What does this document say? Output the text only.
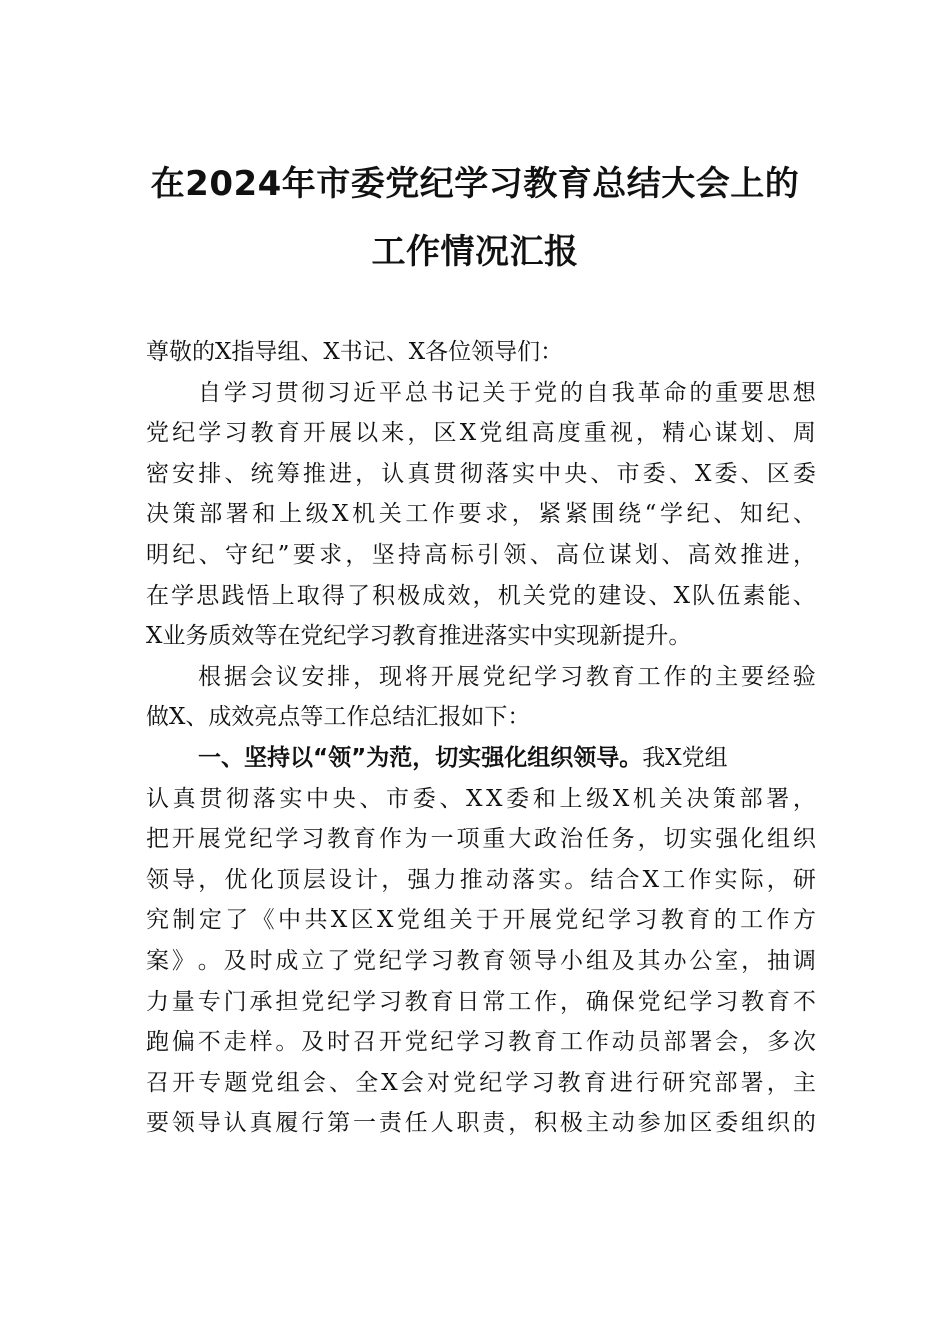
在2024年市委党纪学习教育总结大会上的
工作情况汇报
尊敬的X指导组、X书记、X各位领导们：
自 学 习 贯 彻 习 近 平 总 书 记 关 于 党 的 自 我 革 命 的 重 要 思 想
党 纪 学 习 教 育 开 展 以 来 ， 区 X 党 组 高 度 重 视 ， 精 心 谋 划 、 周
密 安 排 、 统 筹 推 进 ， 认 真 贯 彻 落 实 中 央 、 市 委 、 X 委 、 区 委
决 策 部 署 和 上 级 X 机 关 工 作 要 求 ， 紧 紧 围 绕 “ 学 纪 、 知 纪 、
明 纪 、 守 纪 ” 要 求 ， 坚 持 高 标 引 领 、 高 位 谋 划 、 高 效 推 进 ，
在 学 思 践 悟 上 取 得 了 积 极 成 效 ， 机 关 党 的 建 设 、 X 队 伍 素 能 、
X业务质效等在党纪学习教育推进落实中实现新提升。
根 据 会 议 安 排 ， 现 将 开 展 党 纪 学 习 教 育 工 作 的 主 要 经 验
做X、成效亮点等工作总结汇报如下：
一、坚持以“领”为范，切实强化组织领导。 我X党组
认 真 贯 彻 落 实 中 央 、 市 委 、 X X 委 和 上 级 X 机 关 决 策 部 署 ，
把 开 展 党 纪 学 习 教 育 作 为 一 项 重 大 政 治 任 务 ， 切 实 强 化 组 织
领 导 ， 优 化 顶 层 设 计 ， 强 力 推 动 落 实 。 结 合 X 工 作 实 际 ， 研
究 制 定 了 《 中 共 X 区 X 党 组 关 于 开 展 党 纪 学 习 教 育 的 工 作 方
案 》 。 及 时 成 立 了 党 纪 学 习 教 育 领 导 小 组 及 其 办 公 室 ， 抽 调
力 量 专 门 承 担 党 纪 学 习 教 育 日 常 工 作 ， 确 保 党 纪 学 习 教 育 不
跑 偏 不 走 样 。 及 时 召 开 党 纪 学 习 教 育 工 作 动 员 部 署 会 ， 多 次
召 开 专 题 党 组 会 、 全 X 会 对 党 纪 学 习 教 育 进 行 研 究 部 署 ， 主
要 领 导 认 真 履 行 第 一 责 任 人 职 责 ， 积 极 主 动 参 加 区 委 组 织 的
